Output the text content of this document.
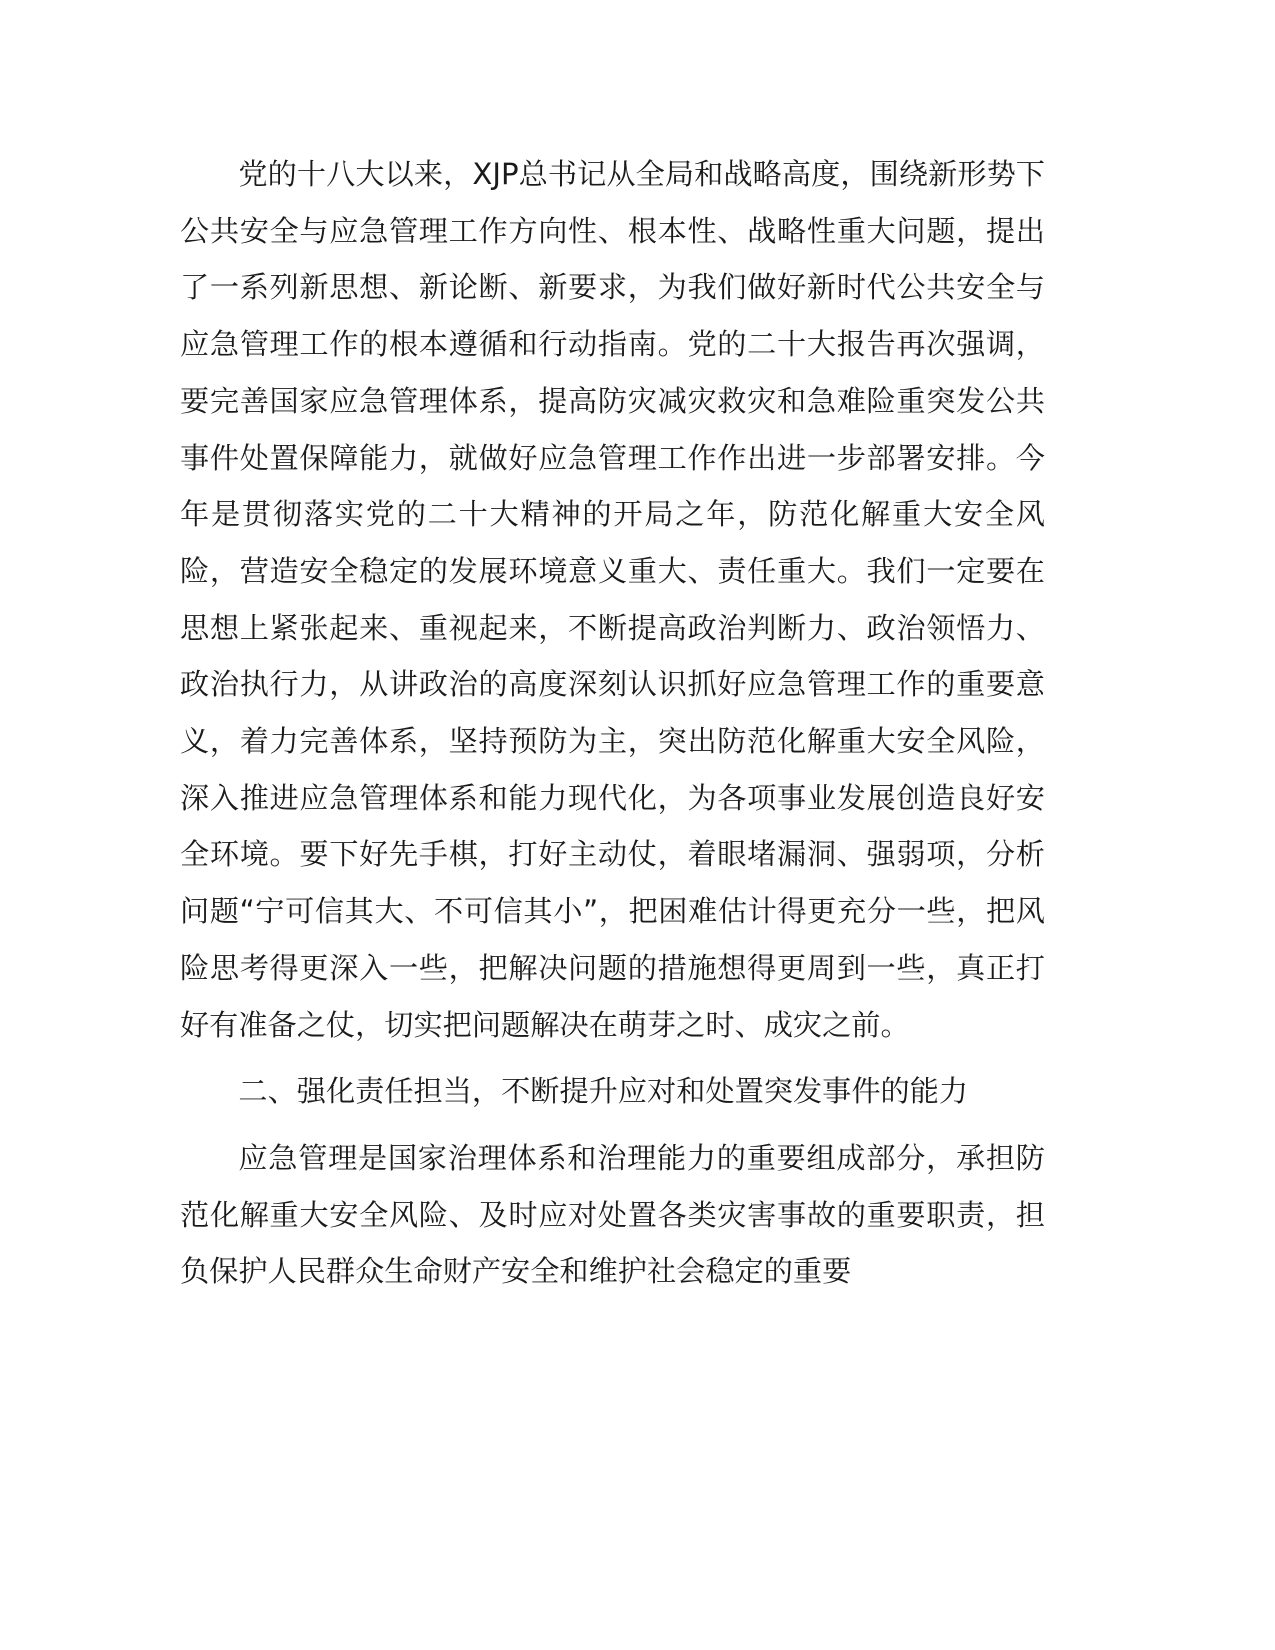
党的十八大以来，XJP总书记从全局和战略高度，围绕新形势下公共安全与应急管理工作方向性、根本性、战略性重大问题，提出了一系列新思想、新论断、新要求，为我们做好新时代公共安全与应急管理工作的根本遵循和行动指南。党的二十大报告再次强调，要完善国家应急管理体系，提高防灾减灾救灾和急难险重突发公共事件处置保障能力，就做好应急管理工作作出进一步部署安排。今年是贯彻落实党的二十大精神的开局之年，防范化解重大安全风险，营造安全稳定的发展环境意义重大、责任重大。我们一定要在思想上紧张起来、重视起来，不断提高政治判断力、政治领悟力、政治执行力，从讲政治的高度深刻认识抓好应急管理工作的重要意义，着力完善体系，坚持预防为主，突出防范化解重大安全风险，深入推进应急管理体系和能力现代化，为各项事业发展创造良好安全环境。要下好先手棋，打好主动仗，着眼堵漏洞、强弱项，分析问题“宁可信其大、不可信其小”，把困难估计得更充分一些，把风险思考得更深入一些，把解决问题的措施想得更周到一些，真正打好有准备之仗，切实把问题解决在萌芽之时、成灾之前。

二、强化责任担当，不断提升应对和处置突发事件的能力

应急管理是国家治理体系和治理能力的重要组成部分，承担防范化解重大安全风险、及时应对处置各类灾害事故的重要职责，担负保护人民群众生命财产安全和维护社会稳定的重要
